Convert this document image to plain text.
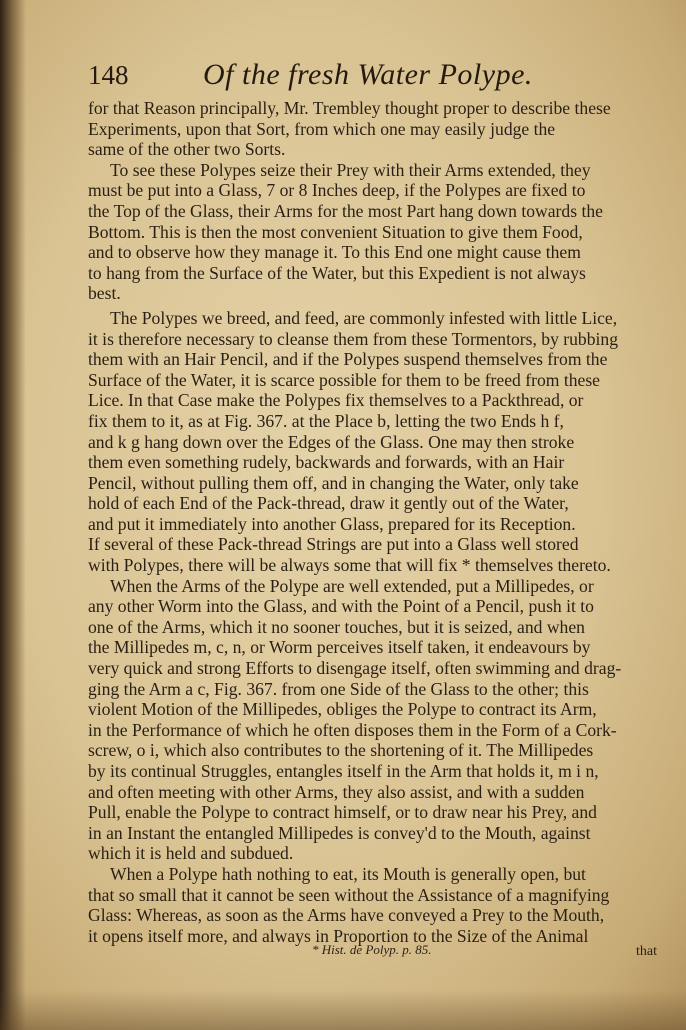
148 Of the fresh Water Polype.
for that Reason principally, Mr. Trembley thought proper to describe these
Experiments, upon that Sort, from which one may easily judge the
same of the other two Sorts.
To see these Polypes seize their Prey with their Arms extended, they
must be put into a Glass, 7 or 8 Inches deep, if the Polypes are fixed to
the Top of the Glass, their Arms for the most Part hang down towards the
Bottom. This is then the most convenient Situation to give them Food,
and to observe how they manage it. To this End one might cause them
to hang from the Surface of the Water, but this Expedient is not always
best.
The Polypes we breed, and feed, are commonly infested with little Lice,
it is therefore necessary to cleanse them from these Tormentors, by rubbing
them with an Hair Pencil, and if the Polypes suspend themselves from the
Surface of the Water, it is scarce possible for them to be freed from these
Lice. In that Case make the Polypes fix themselves to a Packthread, or
fix them to it, as at Fig. 367. at the Place b, letting the two Ends h f,
and k g hang down over the Edges of the Glass. One may then stroke
them even something rudely, backwards and forwards, with an Hair
Pencil, without pulling them off, and in changing the Water, only take
hold of each End of the Pack-thread, draw it gently out of the Water,
and put it immediately into another Glass, prepared for its Reception.
If several of these Pack-thread Strings are put into a Glass well stored
with Polypes, there will be always some that will fix * themselves thereto.
When the Arms of the Polype are well extended, put a Millipedes, or
any other Worm into the Glass, and with the Point of a Pencil, push it to
one of the Arms, which it no sooner touches, but it is seized, and when
the Millipedes m, c, n, or Worm perceives itself taken, it endeavours by
very quick and strong Efforts to disengage itself, often swimming and drag-
ging the Arm a c, Fig. 367. from one Side of the Glass to the other; this
violent Motion of the Millipedes, obliges the Polype to contract its Arm,
in the Performance of which he often disposes them in the Form of a Cork-
screw, o i, which also contributes to the shortening of it. The Millipedes
by its continual Struggles, entangles itself in the Arm that holds it, m i n,
and often meeting with other Arms, they also assist, and with a sudden
Pull, enable the Polype to contract himself, or to draw near his Prey, and
in an Instant the entangled Millipedes is convey'd to the Mouth, against
which it is held and subdued.
When a Polype hath nothing to eat, its Mouth is generally open, but
that so small that it cannot be seen without the Assistance of a magnifying
Glass: Whereas, as soon as the Arms have conveyed a Prey to the Mouth,
it opens itself more, and always in Proportion to the Size of the Animal
* Hist. de Polyp. p. 85.	that
